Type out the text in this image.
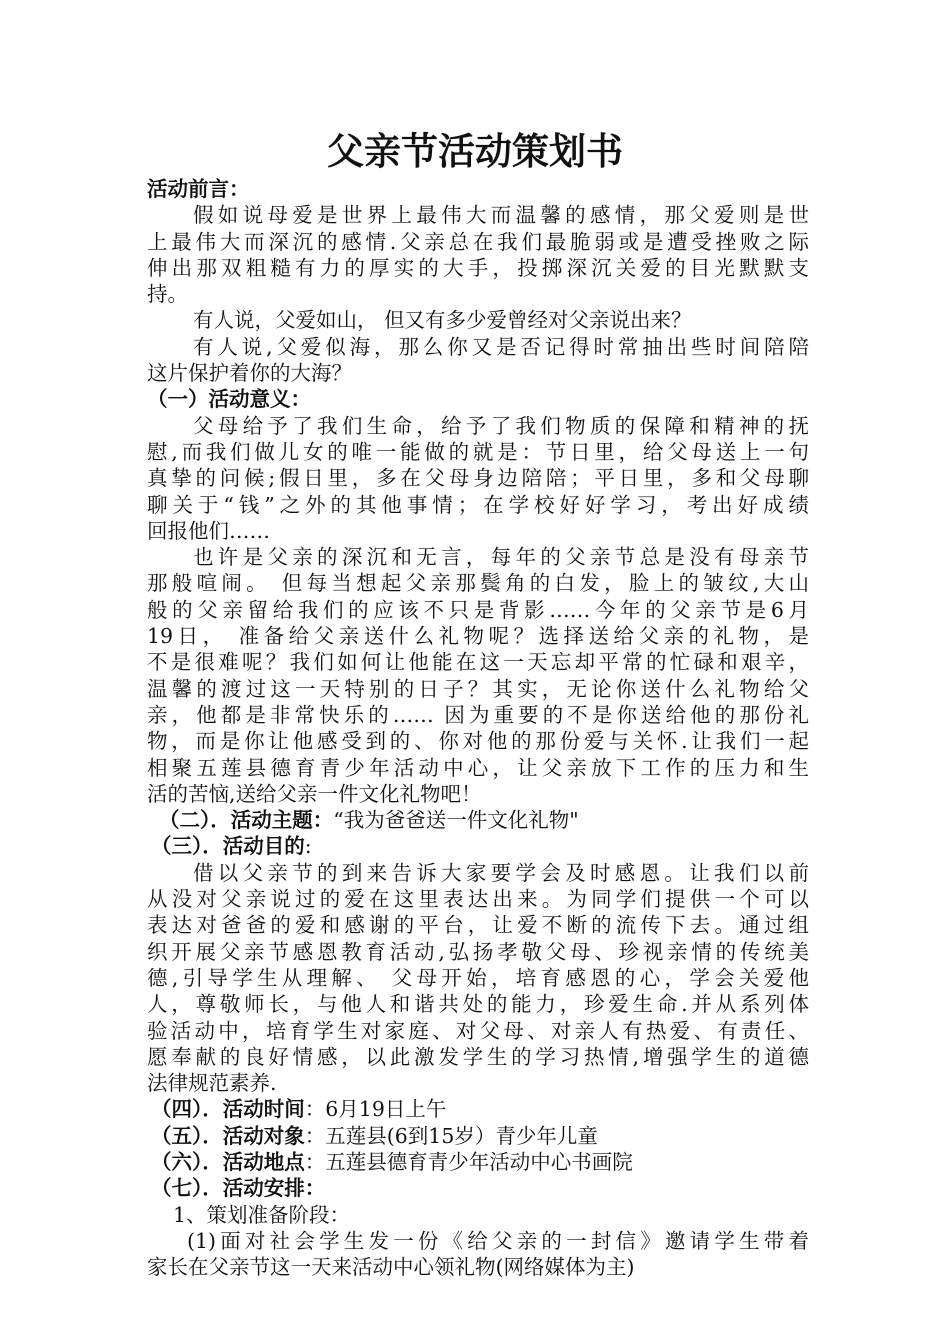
父亲节活动策划书
活动前言：
假如说母爱是世界上最伟大而温馨的感情，那父爱则是世
上最伟大而深沉的感情.父亲总在我们最脆弱或是遭受挫败之际
伸出那双粗糙有力的厚实的大手，投掷深沉关爱的目光默默支
持。
有人说，父爱如山， 但又有多少爱曾经对父亲说出来？
有人说,父爱似海，那么你又是否记得时常抽出些时间陪陪
这片保护着你的大海？
（一）活动意义：
父母给予了我们生命，给予了我们物质的保障和精神的抚
慰,而我们做儿女的唯一能做的就是：节日里，给父母送上一句
真挚的问候;假日里，多在父母身边陪陪；平日里，多和父母聊
聊关于“钱”之外的其他事情；在学校好好学习，考出好成绩
回报他们……
也许是父亲的深沉和无言，每年的父亲节总是没有母亲节
那般喧闹。 但每当想起父亲那鬓角的白发，脸上的皱纹,大山
般的父亲留给我们的应该不只是背影……今年的父亲节是6月
19日， 准备给父亲送什么礼物呢？选择送给父亲的礼物，是
不是很难呢？我们如何让他能在这一天忘却平常的忙碌和艰辛，
温馨的渡过这一天特别的日子？其实，无论你送什么礼物给父
亲，他都是非常快乐的…… 因为重要的不是你送给他的那份礼
物，而是你让他感受到的、你对他的那份爱与关怀.让我们一起
相聚五莲县德育青少年活动中心，让父亲放下工作的压力和生
活的苦恼,送给父亲一件文化礼物吧！
（二）．活动主题：“我为爸爸送一件文化礼物"
（三）．活动目的:
借以父亲节的到来告诉大家要学会及时感恩。让我们以前
从没对父亲说过的爱在这里表达出来。为同学们提供一个可以
表达对爸爸的爱和感谢的平台，让爱不断的流传下去。通过组
织开展父亲节感恩教育活动,弘扬孝敬父母、珍视亲情的传统美
德,引导学生从理解、 父母开始，培育感恩的心，学会关爱他
人，尊敬师长，与他人和谐共处的能力，珍爱生命.并从系列体
验活动中，培育学生对家庭、对父母、对亲人有热爱、有责任、
愿奉献的良好情感，以此激发学生的学习热情,增强学生的道德
法律规范素养.
（四）．活动时间：6月19日上午
（五）．活动对象：五莲县(6到15岁）青少年儿童
（六）．活动地点：五莲县德育青少年活动中心书画院
（七）．活动安排：
1、策划准备阶段：
(1)面对社会学生发一份《给父亲的一封信》邀请学生带着
家长在父亲节这一天来活动中心领礼物(网络媒体为主)
